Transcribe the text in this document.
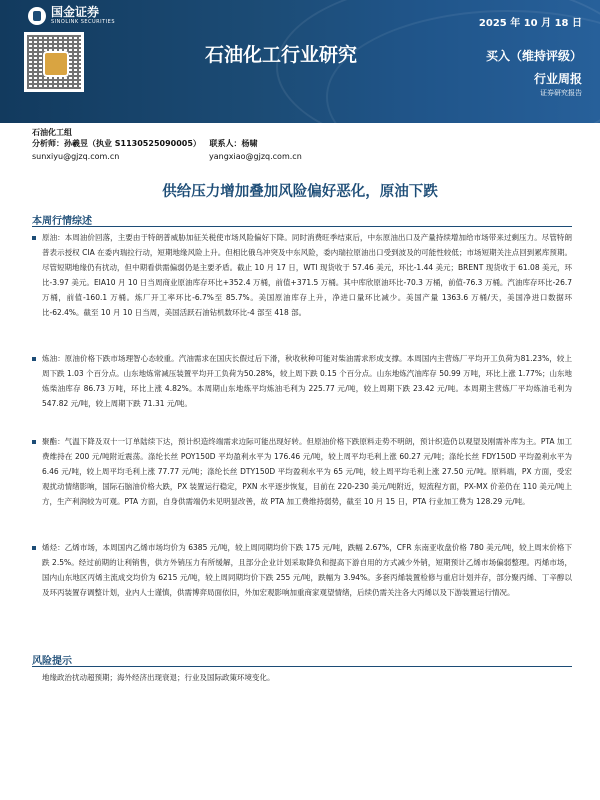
国金证券
SINOLINK SECURITIES	2025 年 10 月 18 日
石油化工行业研究	买入（维持评级）
行业周报
证券研究报告
石油化工组
分析师：孙羲昱（执业 S1130525090005） 联系人：杨啸
sunxiyu@gjzq.com.cn	yangxiao@gjzq.com.cn
供给压力增加叠加风险偏好恶化，原油下跌
本周行情综述
原油：本周油价回落，主要由于特朗普威胁加征关税使市场风险偏好下降。同时消费旺季结束后，中东原油出口及产量持续增加给市场带来过剩压力。尽管特朗普表示授权 CIA 在委内瑞拉行动，短期地缘风险上升。但相比俄乌冲突及中东风险，委内瑞拉原油出口受到波及的可能性较低；市场短期关注点回到累库预期。尽管短期地缘仍有扰动，但中期看供需偏弱仍是主要矛盾。截止 10 月 17 日，WTI 现货收于 57.46 美元，环比-1.44 美元；BRENT 现货收于 61.08 美元，环比-3.97 美元。EIA10 月 10 日当周商业原油库存环比+352.4 万桶，前值+371.5 万桶。其中库欣原油环比-70.3 万桶，前值-76.3 万桶。汽油库存环比-26.7 万桶，前值-160.1 万桶。炼厂开工率环比-6.7%至 85.7%。美国原油库存上升，净进口量环比减少。美国产量 1363.6 万桶/天，美国净进口数据环比-62.4%。截至 10 月 10 日当周，美国活跃石油钻机数环比-4 部至 418 部。
炼油：原油价格下跌市场理智心态较重。汽油需求在国庆长假过后下滑，秋收秋种可能对柴油需求形成支撑。本周国内主营炼厂平均开工负荷为81.23%，较上周下跌 1.03 个百分点。山东地炼常减压装置平均开工负荷为50.28%，较上周下跌 0.15 个百分点。山东地炼汽油库存 50.99 万吨，环比上涨 1.77%；山东地炼柴油库存 86.73 万吨，环比上涨 4.82%。本周期山东地炼平均炼油毛利为 225.77 元/吨，较上周期下跌 23.42 元/吨。本周期主营炼厂平均炼油毛利为 547.82 元/吨，较上周期下跌 71.31 元/吨。
聚酯：气温下降及双十一订单陆续下达，预计织造终端需求边际可能出现好转。但原油价格下跌原料走势不明朗，预计织造仍以观望及刚需补库为主。PTA 加工费维持在 200 元/吨附近震荡。涤纶长丝 POY150D 平均盈利水平为 176.46 元/吨，较上周平均毛利上涨 60.27 元/吨；涤纶长丝 FDY150D 平均盈利水平为 6.46 元/吨，较上周平均毛利上涨 77.77 元/吨；涤纶长丝 DTY150D 平均盈利水平为 65 元/吨，较上周平均毛利上涨 27.50 元/吨。原料端，PX 方面，受宏观扰动情绪影响，国际石脑油价格大跌，PX 装置运行稳定，PXN 水平逐步恢复，目前在 220-230 美元/吨附近，短流程方面，PX-MX 价差仍在 110 美元/吨上方，生产利润较为可观。PTA 方面，自身供需端仍未见明显改善，故 PTA 加工费维持弱势，截至 10 月 15 日，PTA 行业加工费为 128.29 元/吨。
烯烃：乙烯市场，本周国内乙烯市场均价为 6385 元/吨，较上周同期均价下跌 175 元/吨，跌幅 2.67%，CFR 东南亚收盘价格 780 美元/吨，较上周末价格下跌 2.5%。经过前期的让利销售，供方外销压力有所缓解，且部分企业计划采取降负和提高下游自用的方式减少外销，短期预计乙烯市场偏弱整理。丙烯市场，国内山东地区丙烯主流成交均价为 6215 元/吨，较上周同期均价下跌 255 元/吨，跌幅为 3.94%。多套丙烯装置检修与重启计划并存，部分聚丙烯、丁辛醇以及环丙装置存调整计划，业内人士谨慎，供需博弈局面依旧，外加宏观影响加重商家观望情绪，后续仍需关注各大丙烯以及下游装置运行情况。
风险提示
地缘政治扰动超预期；海外经济出现衰退；行业及国际政策环境变化。
